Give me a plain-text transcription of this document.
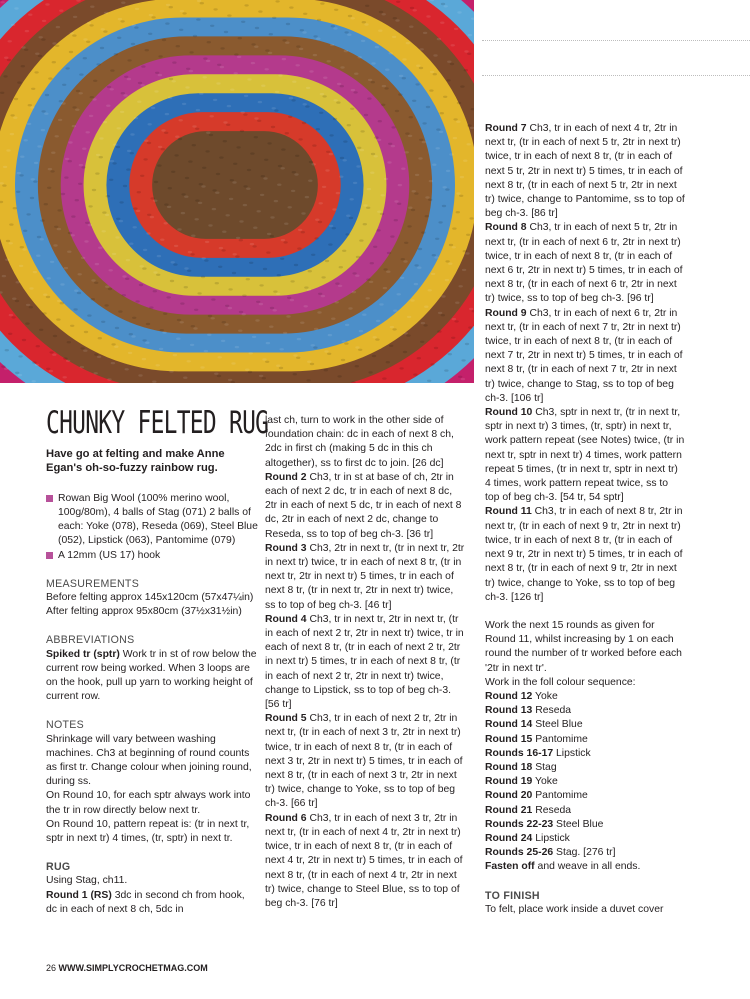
CHUNKY FELTED RUG
Have go at felting and make Anne Egan's oh-so-fuzzy rainbow rug.
Rowan Big Wool (100% merino wool, 100g/80m), 4 balls of Stag (071) 2 balls of each: Yoke (078), Reseda (069), Steel Blue (052), Lipstick (063), Pantomime (079)
A 12mm (US 17) hook
MEASUREMENTS
Before felting approx 145x120cm (57x47¼in)
After felting approx 95x80cm (37½x31½in)
ABBREVIATIONS
Spiked tr (sptr) Work tr in st of row below the current row being worked. When 3 loops are on the hook, pull up yarn to working height of current row.
NOTES
Shrinkage will vary between washing machines. Ch3 at beginning of round counts as first tr. Change colour when joining round, during ss.
On Round 10, for each sptr always work into the tr in row directly below next tr.
On Round 10, pattern repeat is: (tr in next tr, sptr in next tr) 4 times, (tr, sptr) in next tr.
RUG
Using Stag, ch11.
Round 1 (RS) 3dc in second ch from hook, dc in each of next 8 ch, 5dc in
last ch, turn to work in the other side of foundation chain: dc in each of next 8 ch, 2dc in first ch (making 5 dc in this ch altogether), ss to first dc to join. [26 dc]
Round 2 Ch3, tr in st at base of ch, 2tr in each of next 2 dc, tr in each of next 8 dc, 2tr in each of next 5 dc, tr in each of next 8 dc, 2tr in each of next 2 dc, change to Reseda, ss to top of beg ch-3. [36 tr]
Round 3 Ch3, 2tr in next tr, (tr in next tr, 2tr in next tr) twice, tr in each of next 8 tr, (tr in next tr, 2tr in next tr) 5 times, tr in each of next 8 tr, (tr in next tr, 2tr in next tr) twice, ss to top of beg ch-3. [46 tr]
Round 4 Ch3, tr in next tr, 2tr in next tr, (tr in each of next 2 tr, 2tr in next tr) twice, tr in each of next 8 tr, (tr in each of next 2 tr, 2tr in next tr) 5 times, tr in each of next 8 tr, (tr in each of next 2 tr, 2tr in next tr) twice, change to Lipstick, ss to top of beg ch-3. [56 tr]
Round 5 Ch3, tr in each of next 2 tr, 2tr in next tr, (tr in each of next 3 tr, 2tr in next tr) twice, tr in each of next 8 tr, (tr in each of next 3 tr, 2tr in next tr) 5 times, tr in each of next 8 tr, (tr in each of next 3 tr, 2tr in next tr) twice, change to Yoke, ss to top of beg ch-3. [66 tr]
Round 6 Ch3, tr in each of next 3 tr, 2tr in next tr, (tr in each of next 4 tr, 2tr in next tr) twice, tr in each of next 8 tr, (tr in each of next 4 tr, 2tr in next tr) 5 times, tr in each of next 8 tr, (tr in each of next 4 tr, 2tr in next tr) twice, change to Steel Blue, ss to top of beg ch-3. [76 tr]
Round 7 Ch3, tr in each of next 4 tr, 2tr in next tr, (tr in each of next 5 tr, 2tr in next tr) twice, tr in each of next 8 tr, (tr in each of next 5 tr, 2tr in next tr) 5 times, tr in each of next 8 tr, (tr in each of next 5 tr, 2tr in next tr) twice, change to Pantomime, ss to top of beg ch-3. [86 tr]
Round 8 Ch3, tr in each of next 5 tr, 2tr in next tr, (tr in each of next 6 tr, 2tr in next tr) twice, tr in each of next 8 tr, (tr in each of next 6 tr, 2tr in next tr) 5 times, tr in each of next 8 tr, (tr in each of next 6 tr, 2tr in next tr) twice, ss to top of beg ch-3. [96 tr]
Round 9 Ch3, tr in each of next 6 tr, 2tr in next tr, (tr in each of next 7 tr, 2tr in next tr) twice, tr in each of next 8 tr, (tr in each of next 7 tr, 2tr in next tr) 5 times, tr in each of next 8 tr, (tr in each of next 7 tr, 2tr in next tr) twice, change to Stag, ss to top of beg ch-3. [106 tr]
Round 10 Ch3, sptr in next tr, (tr in next tr, sptr in next tr) 3 times, (tr, sptr) in next tr, work pattern repeat (see Notes) twice, (tr in next tr, sptr in next tr) 4 times, work pattern repeat 5 times, (tr in next tr, sptr in next tr) 4 times, work pattern repeat twice, ss to top of beg ch-3. [54 tr, 54 sptr]
Round 11 Ch3, tr in each of next 8 tr, 2tr in next tr, (tr in each of next 9 tr, 2tr in next tr) twice, tr in each of next 8 tr, (tr in each of next 9 tr, 2tr in next tr) 5 times, tr in each of next 8 tr, (tr in each of next 9 tr, 2tr in next tr) twice, change to Yoke, ss to top of beg ch-3. [126 tr]
Work the next 15 rounds as given for Round 11, whilst increasing by 1 on each round the number of tr worked before each '2tr in next tr'.
Work in the foll colour sequence:
Round 12 Yoke
Round 13 Reseda
Round 14 Steel Blue
Round 15 Pantomime
Rounds 16-17 Lipstick
Round 18 Stag
Round 19 Yoke
Round 20 Pantomime
Round 21 Reseda
Rounds 22-23 Steel Blue
Round 24 Lipstick
Rounds 25-26 Stag. [276 tr]
Fasten off and weave in all ends.
TO FINISH
To felt, place work inside a duvet cover
26 WWW.SIMPLYCROCHETMAG.COM
